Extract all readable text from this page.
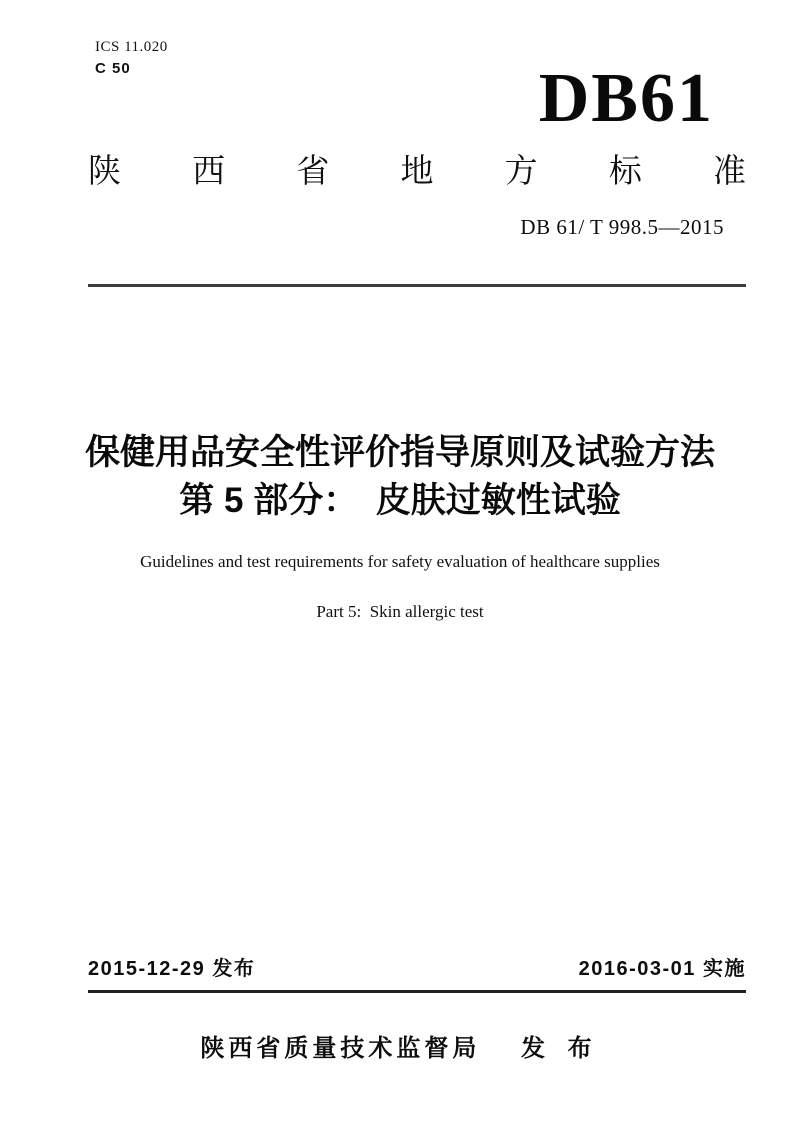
ICS 11.020
C 50	DB61
陕西省地方标准
DB 61/ T 998.5—2015
保健用品安全性评价指导原则及试验方法
第 5 部分：　皮肤过敏性试验
Guidelines and test requirements for safety evaluation of healthcare supplies
Part 5:  Skin allergic test
2015-12-29 发布	2016-03-01 实施
陕西省质量技术监督局 发 布
